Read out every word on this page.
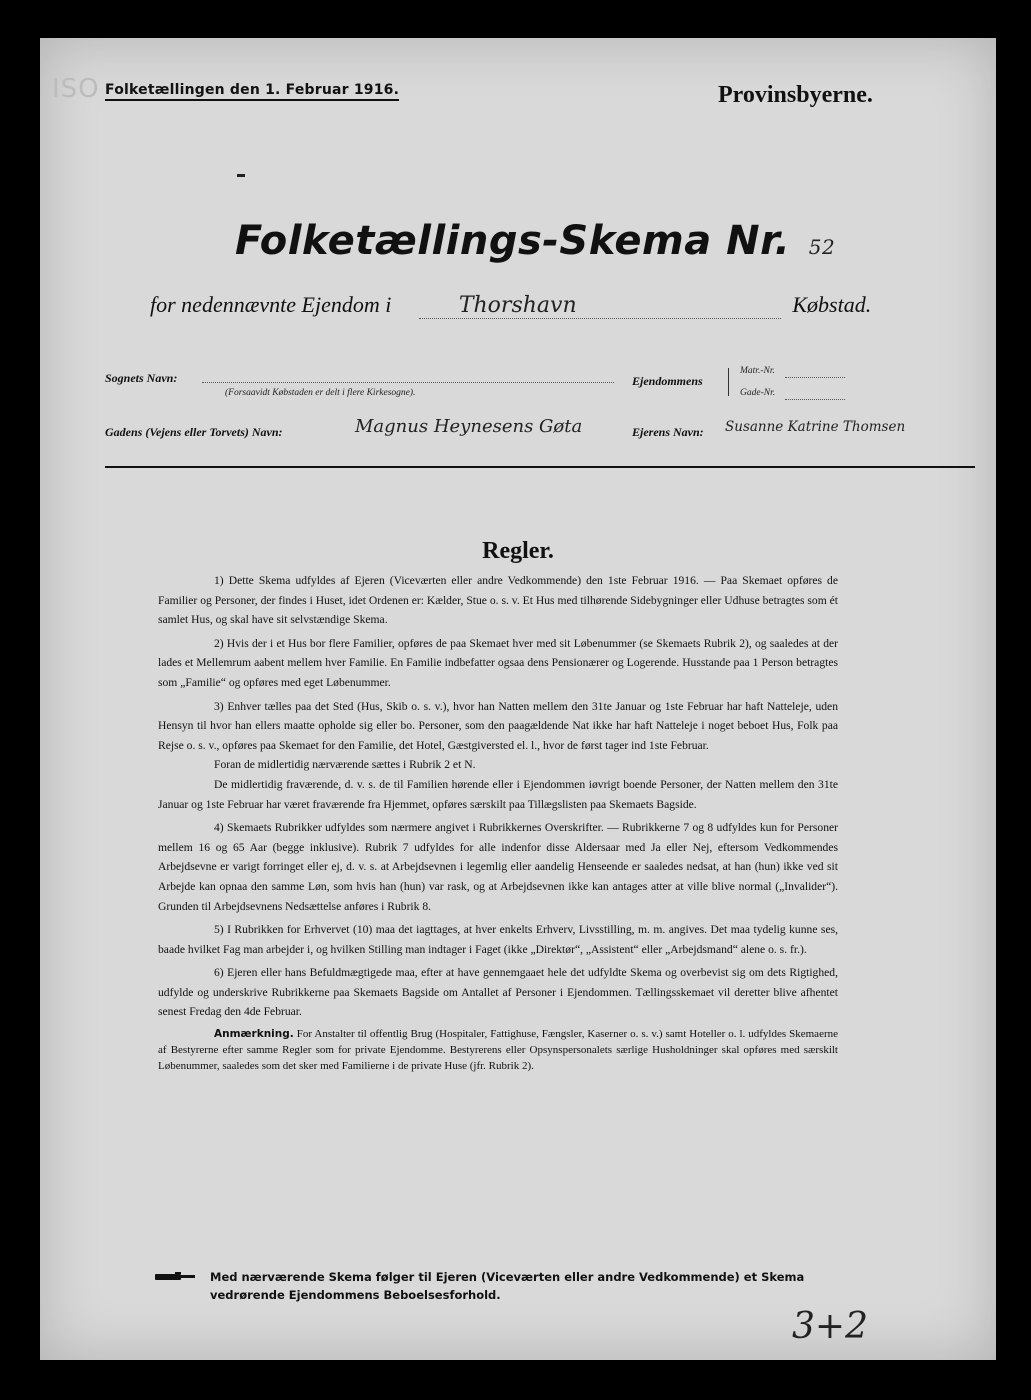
ISO Folketællingen den 1. Februar 1916.	Provinsbyerne.
Folketællings-Skema Nr. 52
for nedennævnte Ejendom i	Thorshavn	Købstad.
Sognets Navn:
(Forsaavidt Købstaden er delt i flere Kirkesogne).
Ejendommens
Matr.-Nr.
Gade-Nr.
Gadens (Vejens eller Torvets) Navn:	Magnus Heynesens Gøta	Ejerens Navn: Susanne Katrine Thomsen
Regler.

1) Dette Skema udfyldes af Ejeren (Viceværten eller andre Vedkommende) den 1ste Februar 1916. — Paa Skemaet opføres de Familier og Personer, der findes i Huset, idet Ordenen er: Kælder, Stue o. s. v. Et Hus med tilhørende Sidebygninger eller Udhuse betragtes som ét samlet Hus, og skal have sit selvstændige Skema.

2) Hvis der i et Hus bor flere Familier, opføres de paa Skemaet hver med sit Løbenummer (se Skemaets Rubrik 2), og saaledes at der lades et Mellemrum aabent mellem hver Familie. En Familie indbefatter ogsaa dens Pensionærer og Logerende. Husstande paa 1 Person betragtes som „Familie“ og opføres med eget Løbenummer.

3) Enhver tælles paa det Sted (Hus, Skib o. s. v.), hvor han Natten mellem den 31te Januar og 1ste Februar har haft Natteleje, uden Hensyn til hvor han ellers maatte opholde sig eller bo. Personer, som den paagældende Nat ikke har haft Natteleje i noget beboet Hus, Folk paa Rejse o. s. v., opføres paa Skemaet for den Familie, det Hotel, Gæstgiversted el. l., hvor de først tager ind 1ste Februar.

Foran de midlertidig nærværende sættes i Rubrik 2 et N.

De midlertidig fraværende, d. v. s. de til Familien hørende eller i Ejendommen iøvrigt boende Personer, der Natten mellem den 31te Januar og 1ste Februar har været fraværende fra Hjemmet, opføres særskilt paa Tillægslisten paa Skemaets Bagside.

4) Skemaets Rubrikker udfyldes som nærmere angivet i Rubrikkernes Overskrifter. — Rubrikkerne 7 og 8 udfyldes kun for Personer mellem 16 og 65 Aar (begge inklusive). Rubrik 7 udfyldes for alle indenfor disse Aldersaar med Ja eller Nej, eftersom Vedkommendes Arbejdsevne er varigt forringet eller ej, d. v. s. at Arbejdsevnen i legemlig eller aandelig Henseende er saaledes nedsat, at han (hun) ikke ved sit Arbejde kan opnaa den samme Løn, som hvis han (hun) var rask, og at Arbejdsevnen ikke kan antages atter at ville blive normal („Invalider“). Grunden til Arbejdsevnens Nedsættelse anføres i Rubrik 8.

5) I Rubrikken for Erhvervet (10) maa det iagttages, at hver enkelts Erhverv, Livsstilling, m. m. angives. Det maa tydelig kunne ses, baade hvilket Fag man arbejder i, og hvilken Stilling man indtager i Faget (ikke „Direktør“, „Assistent“ eller „Arbejdsmand“ alene o. s. fr.).

6) Ejeren eller hans Befuldmægtigede maa, efter at have gennemgaaet hele det udfyldte Skema og overbevist sig om dets Rigtighed, udfylde og underskrive Rubrikkerne paa Skemaets Bagside om Antallet af Personer i Ejendommen. Tællingsskemaet vil deretter blive afhentet senest Fredag den 4de Februar.

Anmærkning. For Anstalter til offentlig Brug (Hospitaler, Fattighuse, Fængsler, Kaserner o. s. v.) samt Hoteller o. l. udfyldes Skemaerne af Bestyrerne efter samme Regler som for private Ejendomme. Bestyrerens eller Opsynspersonalets særlige Husholdninger skal opføres med særskilt Løbenummer, saaledes som det sker med Familierne i de private Huse (jfr. Rubrik 2).

Med nærværende Skema følger til Ejeren (Viceværten eller andre Vedkommende) et Skema vedrørende Ejendommens Beboelsesforhold.
3+2
